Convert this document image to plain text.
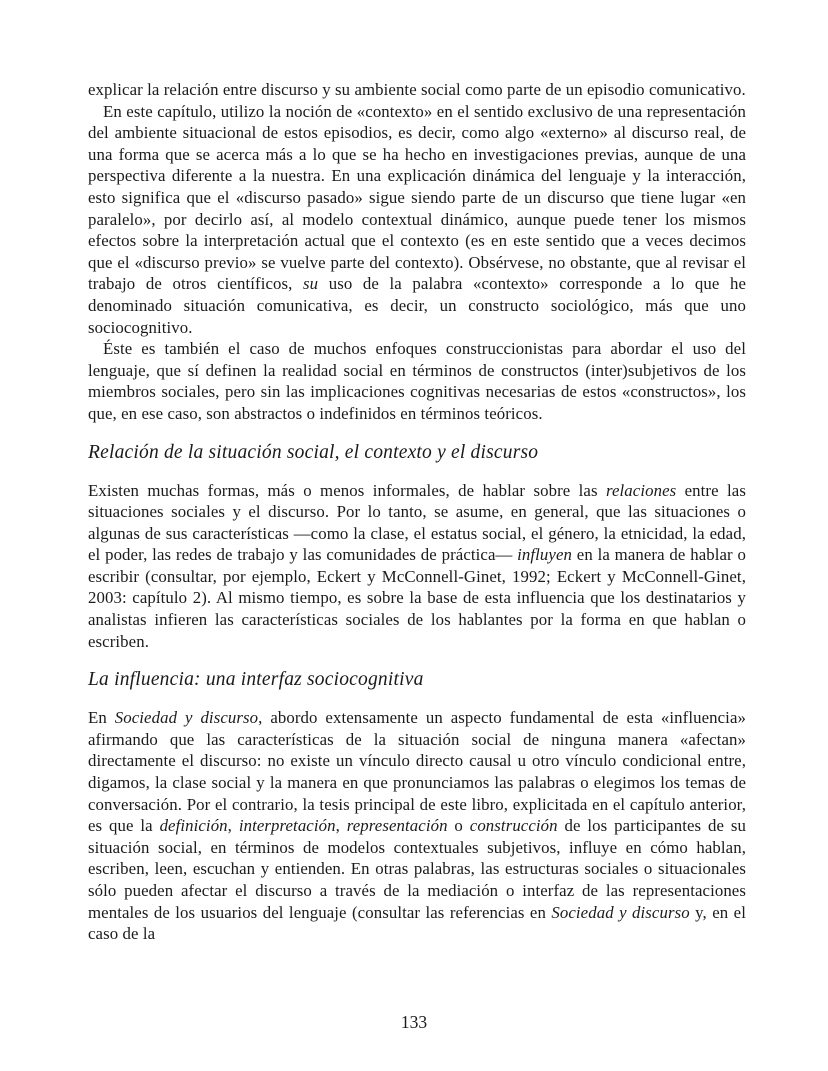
explicar la relación entre discurso y su ambiente social como parte de un episodio comunicativo.

En este capítulo, utilizo la noción de «contexto» en el sentido exclusivo de una representación del ambiente situacional de estos episodios, es decir, como algo «externo» al discurso real, de una forma que se acerca más a lo que se ha hecho en investigaciones previas, aunque de una perspectiva diferente a la nuestra. En una explicación dinámica del lenguaje y la interacción, esto significa que el «discurso pasado» sigue siendo parte de un discurso que tiene lugar «en paralelo», por decirlo así, al modelo contextual dinámico, aunque puede tener los mismos efectos sobre la interpretación actual que el contexto (es en este sentido que a veces decimos que el «discurso previo» se vuelve parte del contexto). Obsérvese, no obstante, que al revisar el trabajo de otros científicos, su uso de la palabra «contexto» corresponde a lo que he denominado situación comunicativa, es decir, un constructo sociológico, más que uno sociocognitivo.

Éste es también el caso de muchos enfoques construccionistas para abordar el uso del lenguaje, que sí definen la realidad social en términos de constructos (inter)subjetivos de los miembros sociales, pero sin las implicaciones cognitivas necesarias de estos «constructos», los que, en ese caso, son abstractos o indefinidos en términos teóricos.

Relación de la situación social, el contexto y el discurso

Existen muchas formas, más o menos informales, de hablar sobre las relaciones entre las situaciones sociales y el discurso. Por lo tanto, se asume, en general, que las situaciones o algunas de sus características —como la clase, el estatus social, el género, la etnicidad, la edad, el poder, las redes de trabajo y las comunidades de práctica— influyen en la manera de hablar o escribir (consultar, por ejemplo, Eckert y McConnell-Ginet, 1992; Eckert y McConnell-Ginet, 2003: capítulo 2). Al mismo tiempo, es sobre la base de esta influencia que los destinatarios y analistas infieren las características sociales de los hablantes por la forma en que hablan o escriben.

La influencia: una interfaz sociocognitiva

En Sociedad y discurso, abordo extensamente un aspecto fundamental de esta «influencia» afirmando que las características de la situación social de ninguna manera «afectan» directamente el discurso: no existe un vínculo directo causal u otro vínculo condicional entre, digamos, la clase social y la manera en que pronunciamos las palabras o elegimos los temas de conversación. Por el contrario, la tesis principal de este libro, explicitada en el capítulo anterior, es que la definición, interpretación, representación o construcción de los participantes de su situación social, en términos de modelos contextuales subjetivos, influye en cómo hablan, escriben, leen, escuchan y entienden. En otras palabras, las estructuras sociales o situacionales sólo pueden afectar el discurso a través de la mediación o interfaz de las representaciones mentales de los usuarios del lenguaje (consultar las referencias en Sociedad y discurso y, en el caso de la

133
